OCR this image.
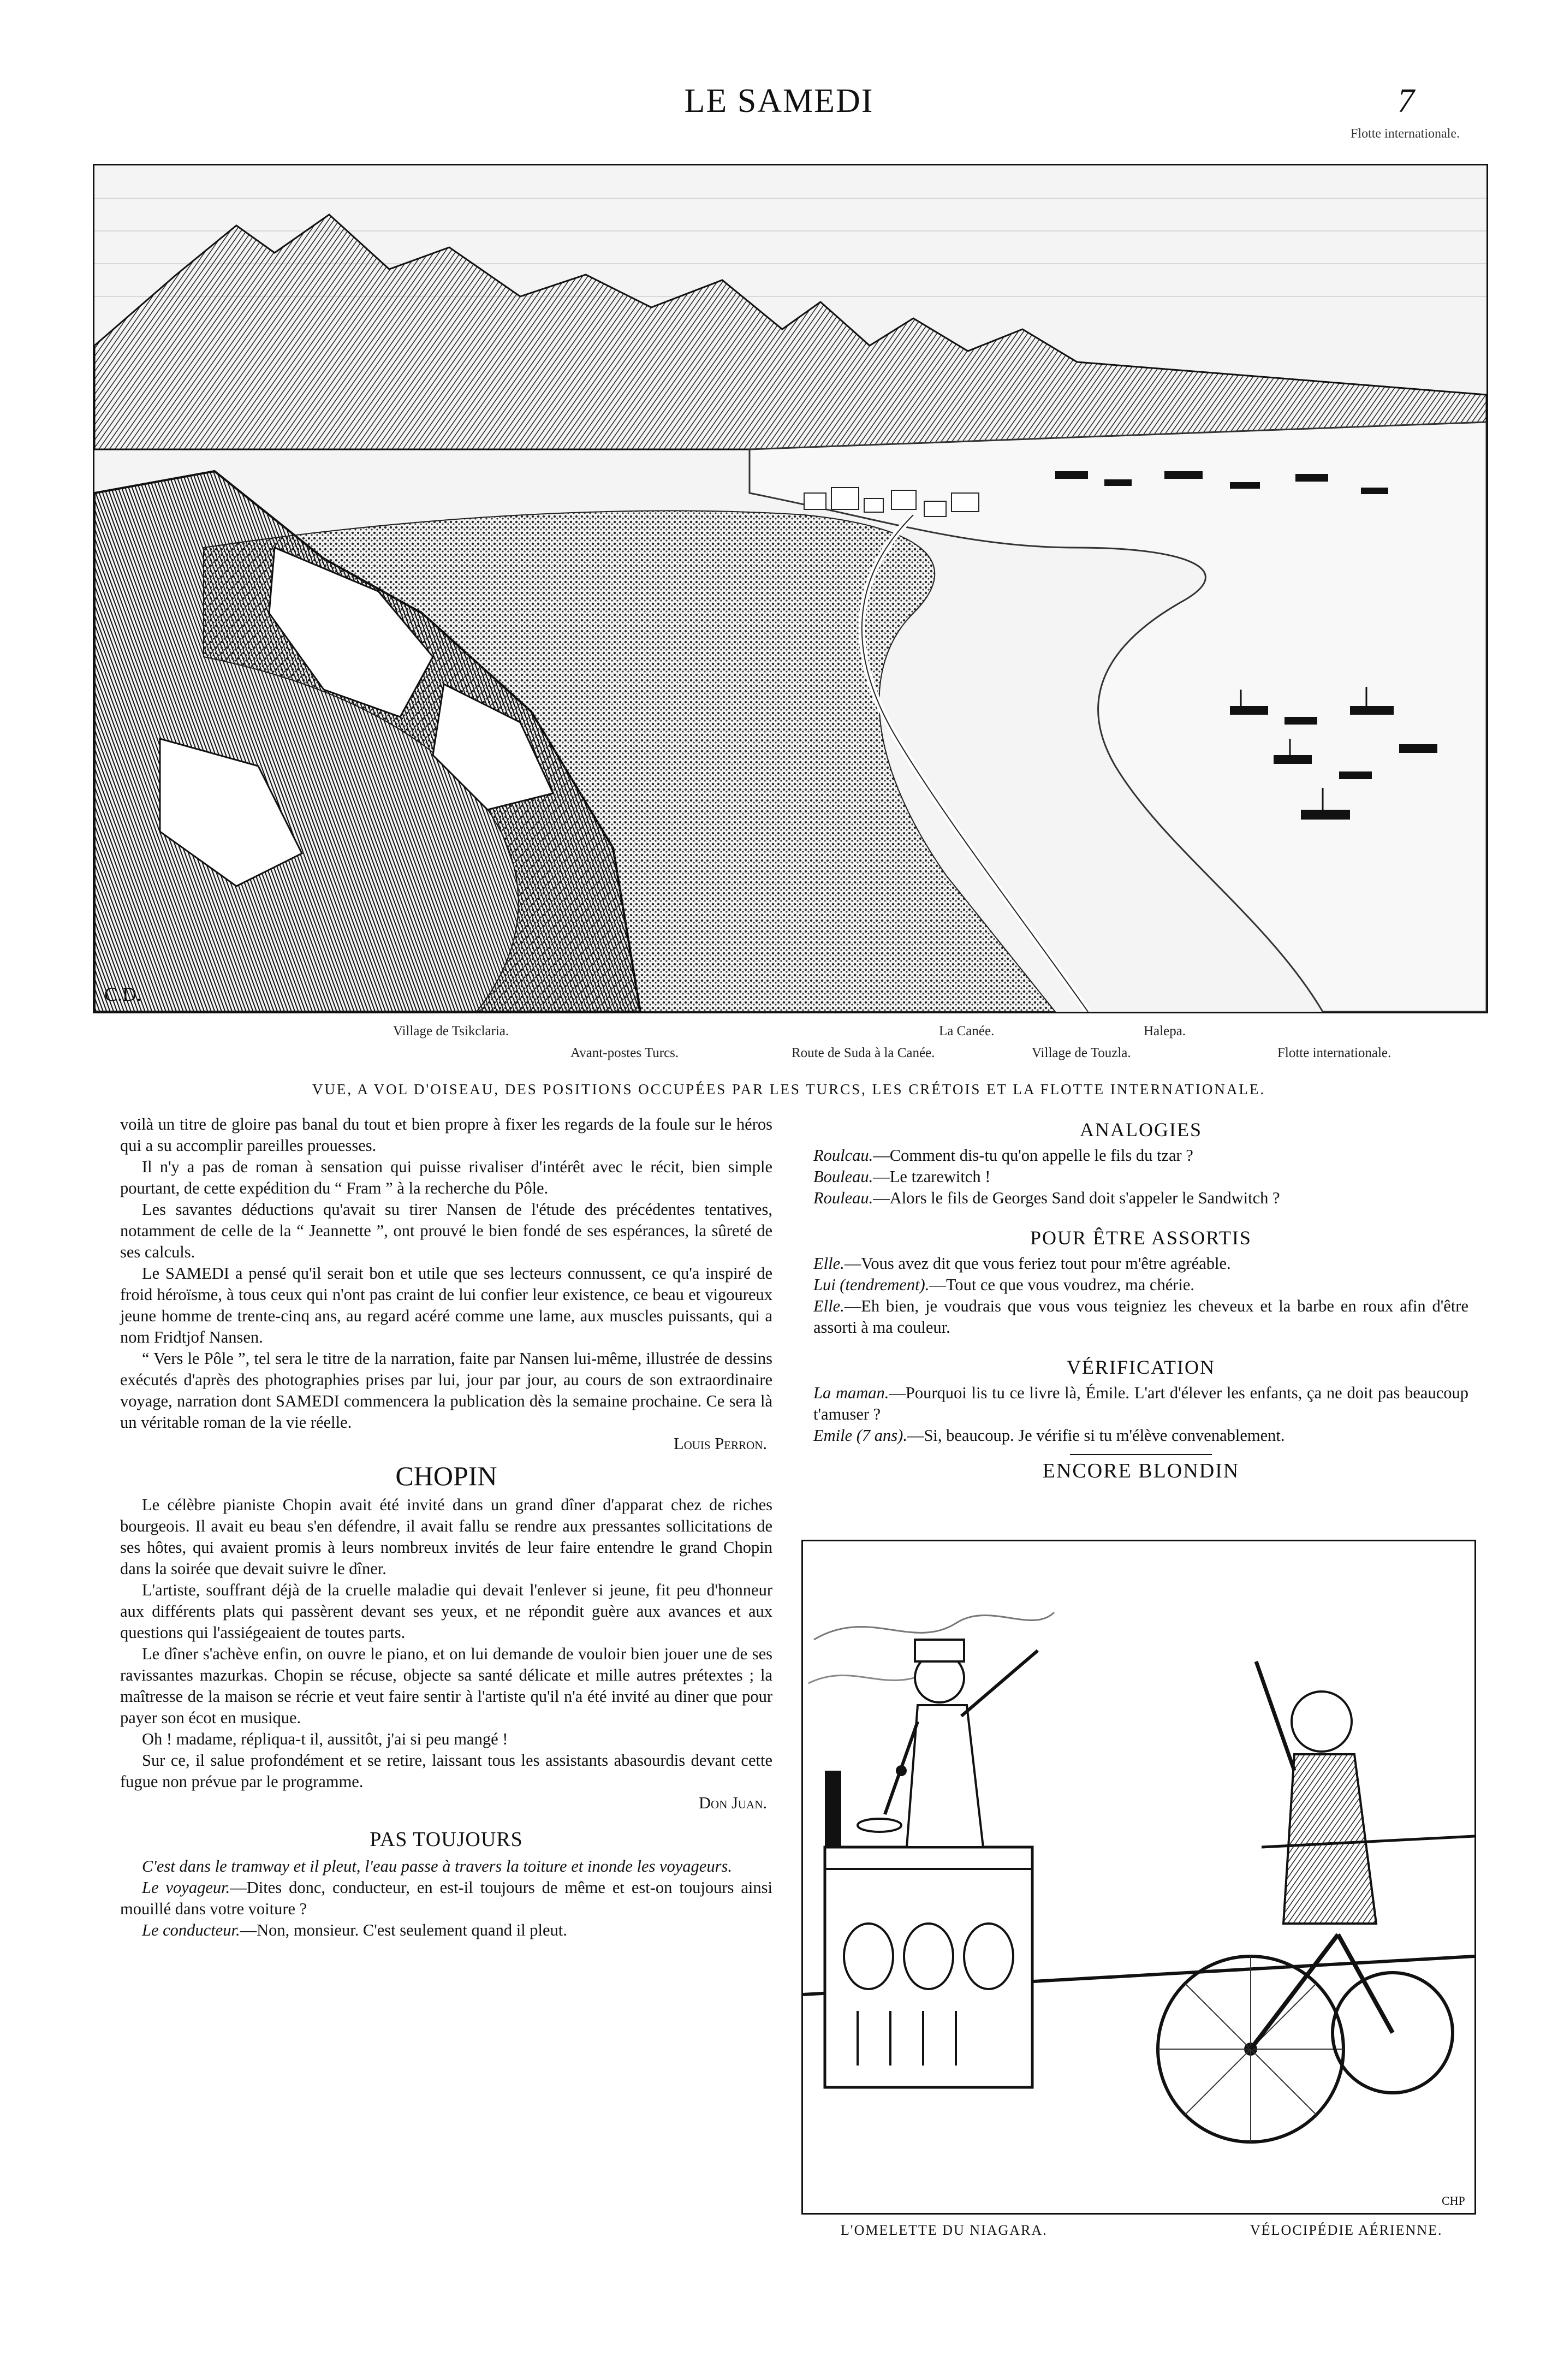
LE SAMEDI	7
Flotte internationale.
C.D.
Village de Tsikclaria.	La Canée.	Halepa.
Avant-postes Turcs.	Route de Suda à la Canée.	Village de Touzla.	Flotte internationale.
VUE, A VOL D'OISEAU, DES POSITIONS OCCUPÉES PAR LES TURCS, LES CRÉTOIS ET LA FLOTTE INTERNATIONALE.

voilà un titre de gloire pas banal du tout et bien propre à fixer les regards de la foule sur le héros qui a su accomplir pareilles prouesses.

Il n'y a pas de roman à sensation qui puisse rivaliser d'intérêt avec le récit, bien simple pourtant, de cette expédition du “ Fram ” à la recherche du Pôle.

Les savantes déductions qu'avait su tirer Nansen de l'étude des précédentes tentatives, notamment de celle de la “ Jeannette ”, ont prouvé le bien fondé de ses espérances, la sûreté de ses calculs.

Le SAMEDI a pensé qu'il serait bon et utile que ses lecteurs connussent, ce qu'a inspiré de froid héroïsme, à tous ceux qui n'ont pas craint de lui confier leur existence, ce beau et vigoureux jeune homme de trente-cinq ans, au regard acéré comme une lame, aux muscles puissants, qui a nom Fridtjof Nansen.

“ Vers le Pôle ”, tel sera le titre de la narration, faite par Nansen lui-même, illustrée de dessins exécutés d'après des photographies prises par lui, jour par jour, au cours de son extraordinaire voyage, narration dont SAMEDI commencera la publication dès la semaine prochaine. Ce sera là un véritable roman de la vie réelle.

Louis Perron.

CHOPIN

Le célèbre pianiste Chopin avait été invité dans un grand dîner d'apparat chez de riches bourgeois. Il avait eu beau s'en défendre, il avait fallu se rendre aux pressantes sollicitations de ses hôtes, qui avaient promis à leurs nombreux invités de leur faire entendre le grand Chopin dans la soirée que devait suivre le dîner.

L'artiste, souffrant déjà de la cruelle maladie qui devait l'enlever si jeune, fit peu d'honneur aux différents plats qui passèrent devant ses yeux, et ne répondit guère aux avances et aux questions qui l'assiégeaient de toutes parts.

Le dîner s'achève enfin, on ouvre le piano, et on lui demande de vouloir bien jouer une de ses ravissantes mazurkas. Chopin se récuse, objecte sa santé délicate et mille autres prétextes ; la maîtresse de la maison se récrie et veut faire sentir à l'artiste qu'il n'a été invité au diner que pour payer son écot en musique.

Oh ! madame, répliqua-t il, aussitôt, j'ai si peu mangé !

Sur ce, il salue profondément et se retire, laissant tous les assistants abasourdis devant cette fugue non prévue par le programme.

Don Juan.

PAS TOUJOURS

C'est dans le tramway et il pleut, l'eau passe à travers la toiture et inonde les voyageurs.

Le voyageur.—Dites donc, conducteur, en est-il toujours de même et est-on toujours ainsi mouillé dans votre voiture ?

Le conducteur.—Non, monsieur. C'est seulement quand il pleut.

ANALOGIES

Roulcau.—Comment dis-tu qu'on appelle le fils du tzar ?

Bouleau.—Le tzarewitch !

Rouleau.—Alors le fils de Georges Sand doit s'appeler le Sandwitch ?

POUR ÊTRE ASSORTIS

Elle.—Vous avez dit que vous feriez tout pour m'être agréable.

Lui (tendrement).—Tout ce que vous voudrez, ma chérie.

Elle.—Eh bien, je voudrais que vous vous teigniez les cheveux et la barbe en roux afin d'être assorti à ma couleur.

VÉRIFICATION

La maman.—Pourquoi lis tu ce livre là, Émile. L'art d'élever les enfants, ça ne doit pas beaucoup t'amuser ?

Emile (7 ans).—Si, beaucoup. Je vérifie si tu m'élève convenablement.

ENCORE BLONDIN
CHP
L'OMELETTE DU NIAGARA.	VÉLOCIPÉDIE AÉRIENNE.
